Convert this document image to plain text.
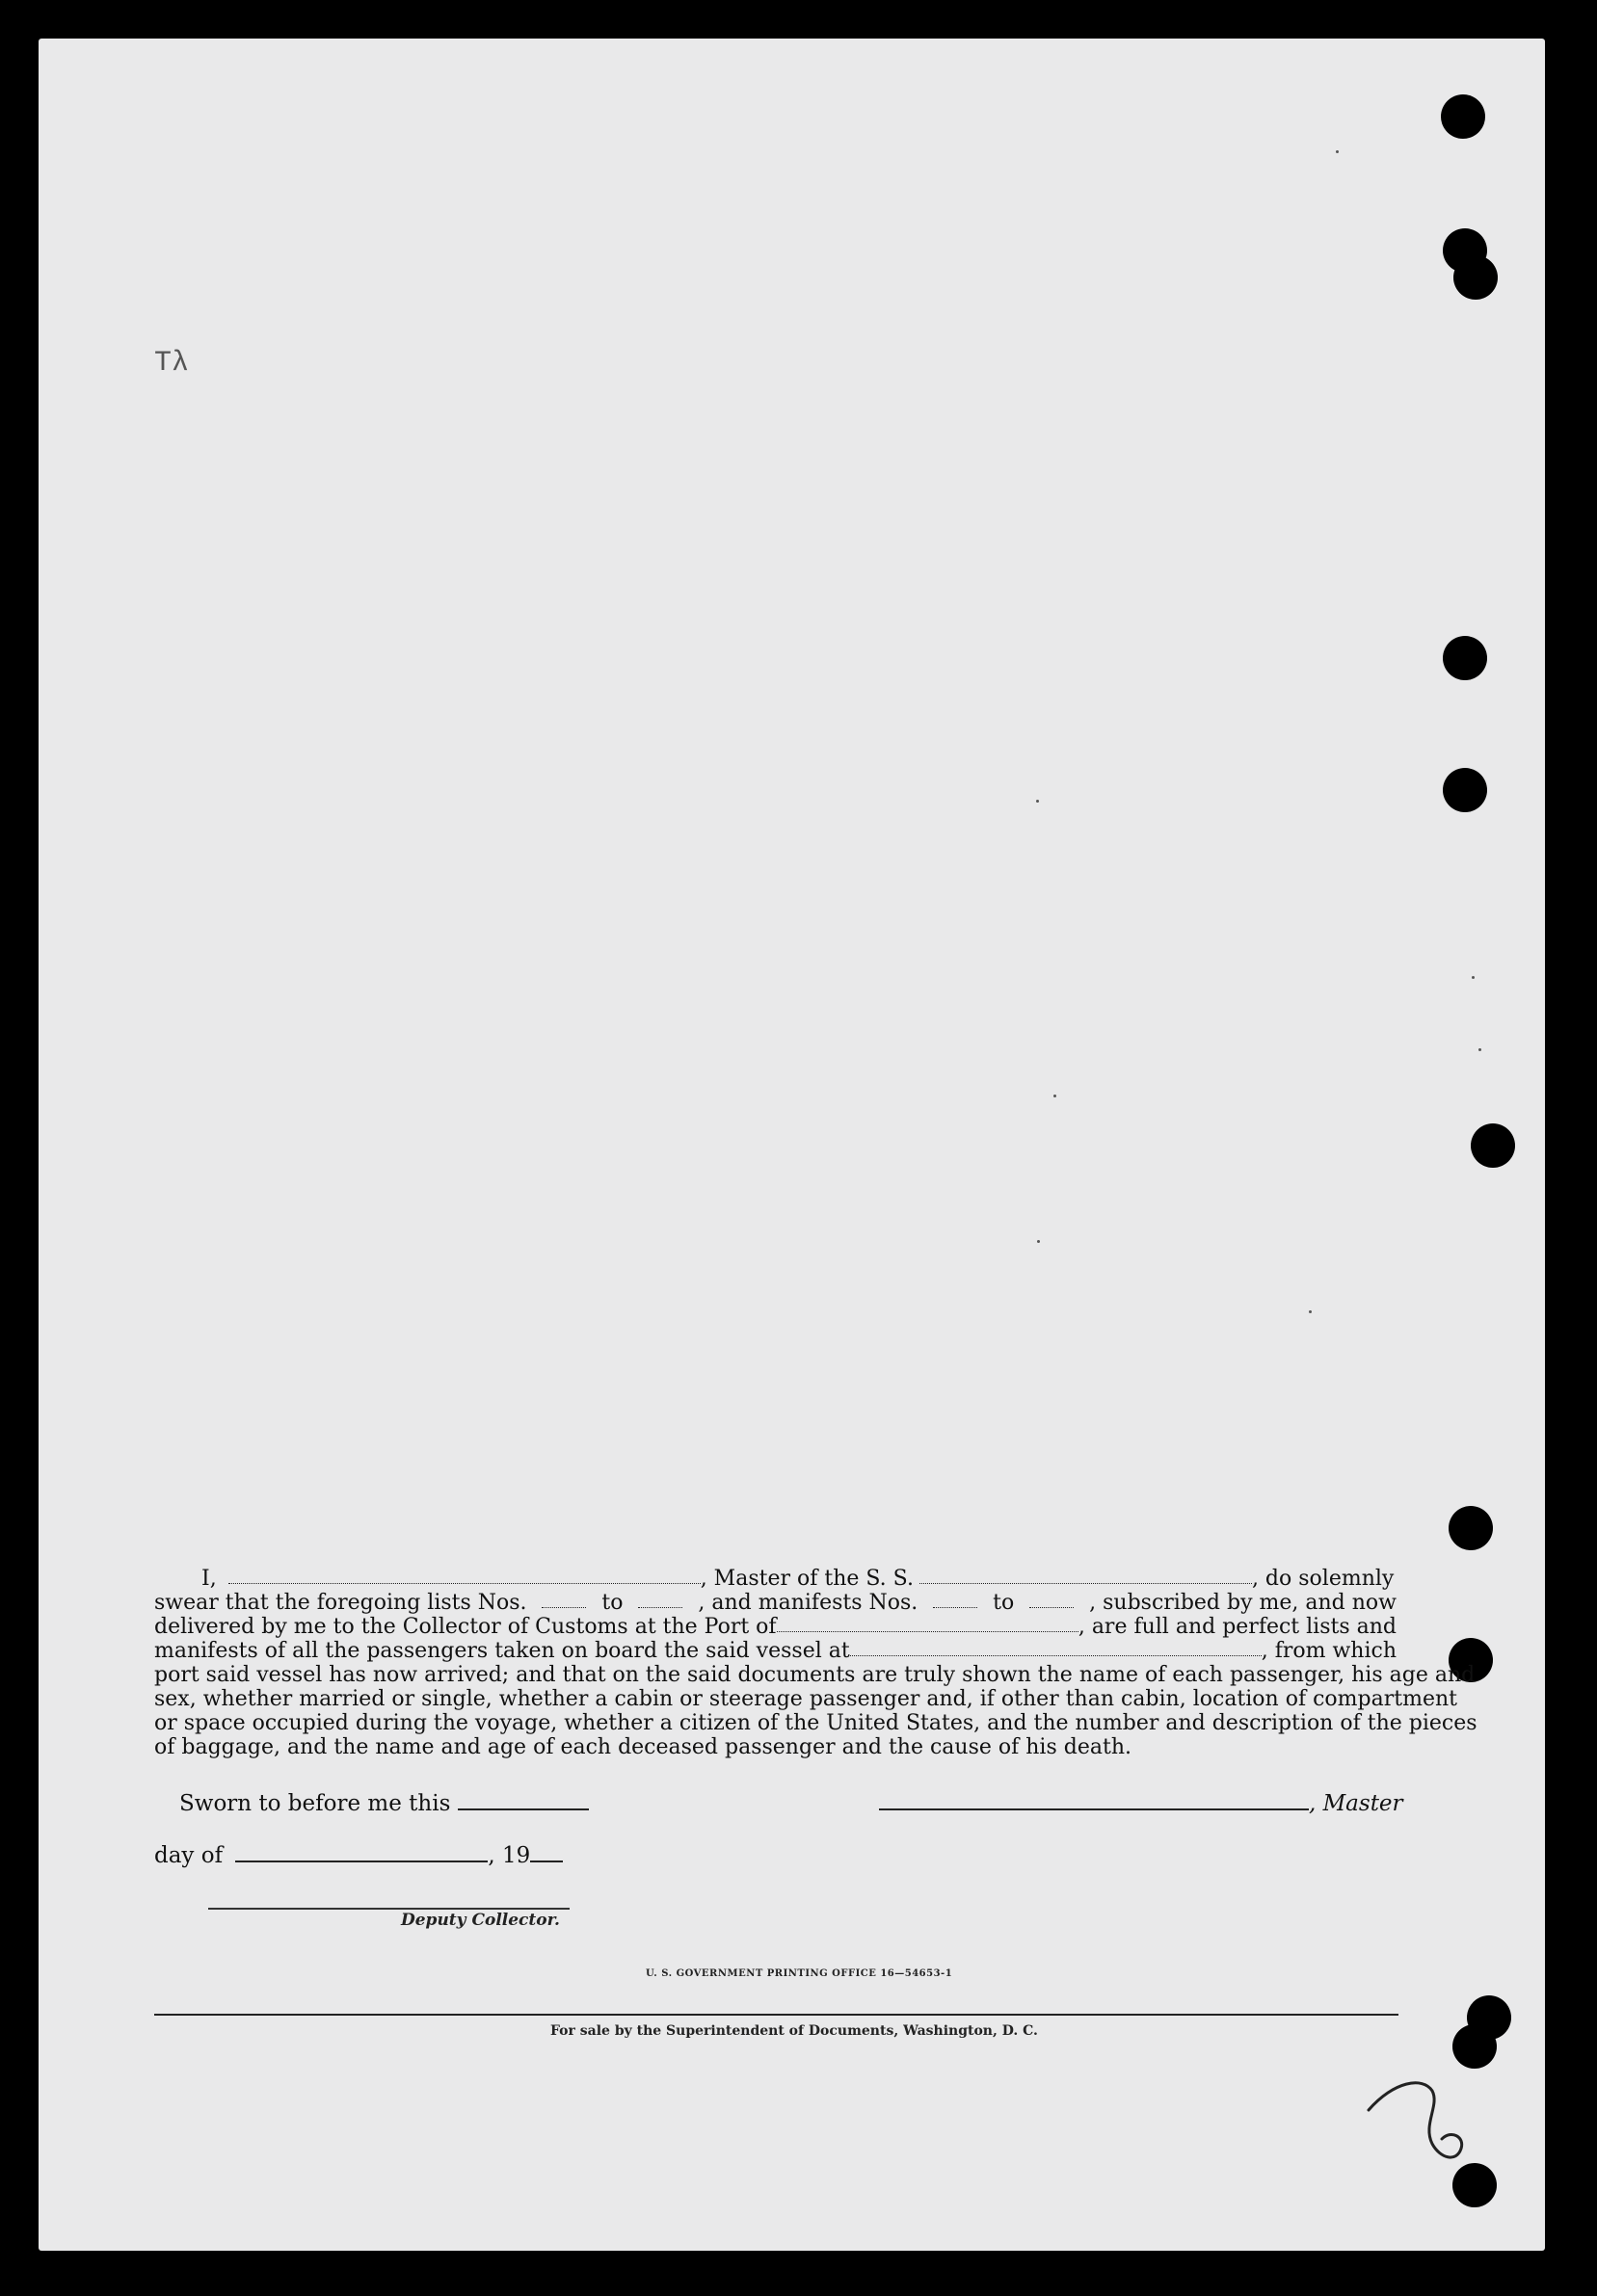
Tλ
I,	, Master of the S. S.	, do solemnly
swear that the foregoing lists Nos.	to	, and manifests Nos.	to	, subscribed by me, and now
delivered by me to the Collector of Customs at the Port of	, are full and perfect lists and
manifests of all the passengers taken on board the said vessel at	, from which
port said vessel has now arrived; and that on the said documents are truly shown the name of each passenger, his age and
sex, whether married or single, whether a cabin or steerage passenger and, if other than cabin, location of compartment
or space occupied during the voyage, whether a citizen of the United States, and the number and description of the pieces
of baggage, and the name and age of each deceased passenger and the cause of his death.
Sworn to before me this	, Master
day of	, 19
Deputy Collector.
U. S. GOVERNMENT PRINTING OFFICE 16—54653-1
For sale by the Superintendent of Documents, Washington, D. C.
